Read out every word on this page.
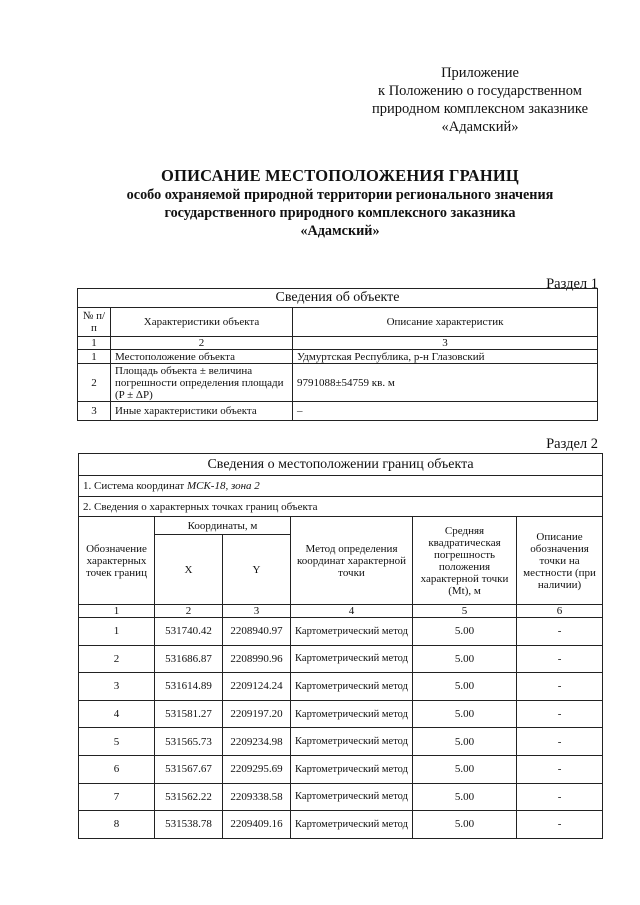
Приложение
к Положению о государственном
природном комплексном заказнике
«Адамский»
ОПИСАНИЕ МЕСТОПОЛОЖЕНИЯ ГРАНИЦ
особо охраняемой природной территории регионального значения
государственного природного комплексного заказника
«Адамский»
Раздел 1
Сведения об объекте		
№ п/п	Характеристики объекта	Описание характеристик
1	2	3
1	Местоположение объекта	Удмуртская Республика, р-н Глазовский
2	Площадь объекта ± величина погрешности определения площади (P ± ΔP)	9791088±54759 кв. м
3	Иные характеристики объекта	–
Раздел 2
Сведения о местоположении границ объекта					
1. Система координат МСК-18, зона 2					
2. Сведения о характерных точках границ объекта					
Обозначение характерных точек границ	Координаты, м		Метод определения координат характерной точки	Средняя квадратическая погрешность положения характерной точки (Mt), м	Описание обозначения точки на местности (при наличии)
	X	Y			
1	2	3	4	5	6
1	531740.42	2208940.97	Картометрический метод	5.00	-
2	531686.87	2208990.96	Картометрический метод	5.00	-
3	531614.89	2209124.24	Картометрический метод	5.00	-
4	531581.27	2209197.20	Картометрический метод	5.00	-
5	531565.73	2209234.98	Картометрический метод	5.00	-
6	531567.67	2209295.69	Картометрический метод	5.00	-
7	531562.22	2209338.58	Картометрический метод	5.00	-
8	531538.78	2209409.16	Картометрический метод	5.00	-
